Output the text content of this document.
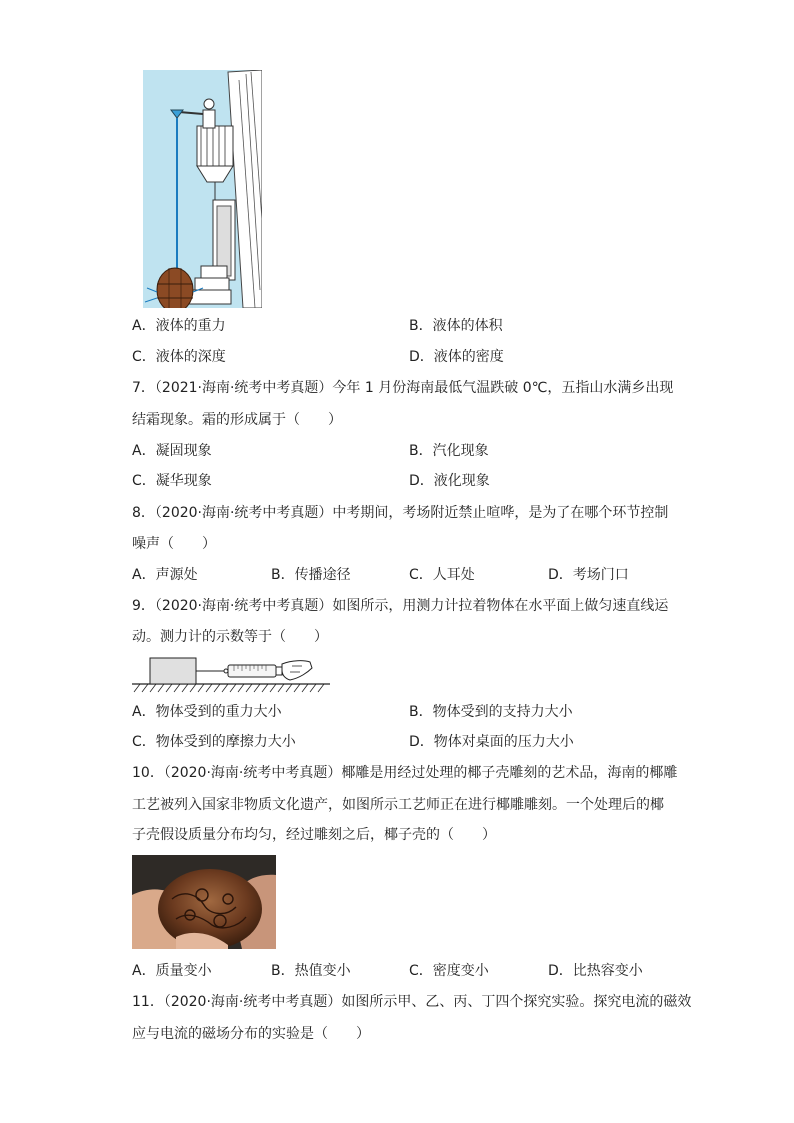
A．液体的重力	B．液体的体积
C．液体的深度	D．液体的密度
7．（2021·海南·统考中考真题）今年 1 月份海南最低气温跌破 0℃，五指山水满乡出现
结霜现象。霜的形成属于（　　）
A．凝固现象	B．汽化现象
C．凝华现象	D．液化现象
8．（2020·海南·统考中考真题）中考期间，考场附近禁止喧哗，是为了在哪个环节控制
噪声（　　）
A．声源处	B．传播途径	C．人耳处	D．考场门口
9．（2020·海南·统考中考真题）如图所示，用测力计拉着物体在水平面上做匀速直线运
动。测力计的示数等于（　　）
A．物体受到的重力大小	B．物体受到的支持力大小
C．物体受到的摩擦力大小	D．物体对桌面的压力大小
10．（2020·海南·统考中考真题）椰雕是用经过处理的椰子壳雕刻的艺术品，海南的椰雕
工艺被列入国家非物质文化遗产，如图所示工艺师正在进行椰雕雕刻。一个处理后的椰
子壳假设质量分布均匀，经过雕刻之后，椰子壳的（　　）
A．质量变小	B．热值变小	C．密度变小	D．比热容变小
11．（2020·海南·统考中考真题）如图所示甲、乙、丙、丁四个探究实验。探究电流的磁效
应与电流的磁场分布的实验是（　　）
